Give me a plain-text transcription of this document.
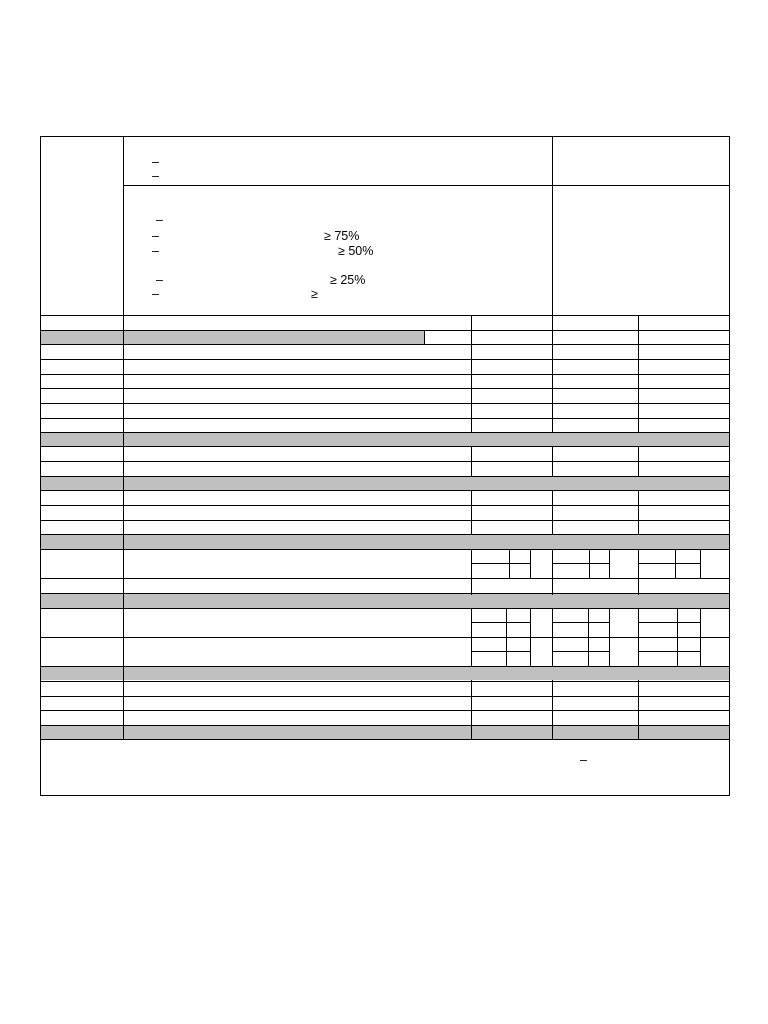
–
–
–
–	≥ 75%
–	≥ 50%
–	≥ 25%
–	≥
–
